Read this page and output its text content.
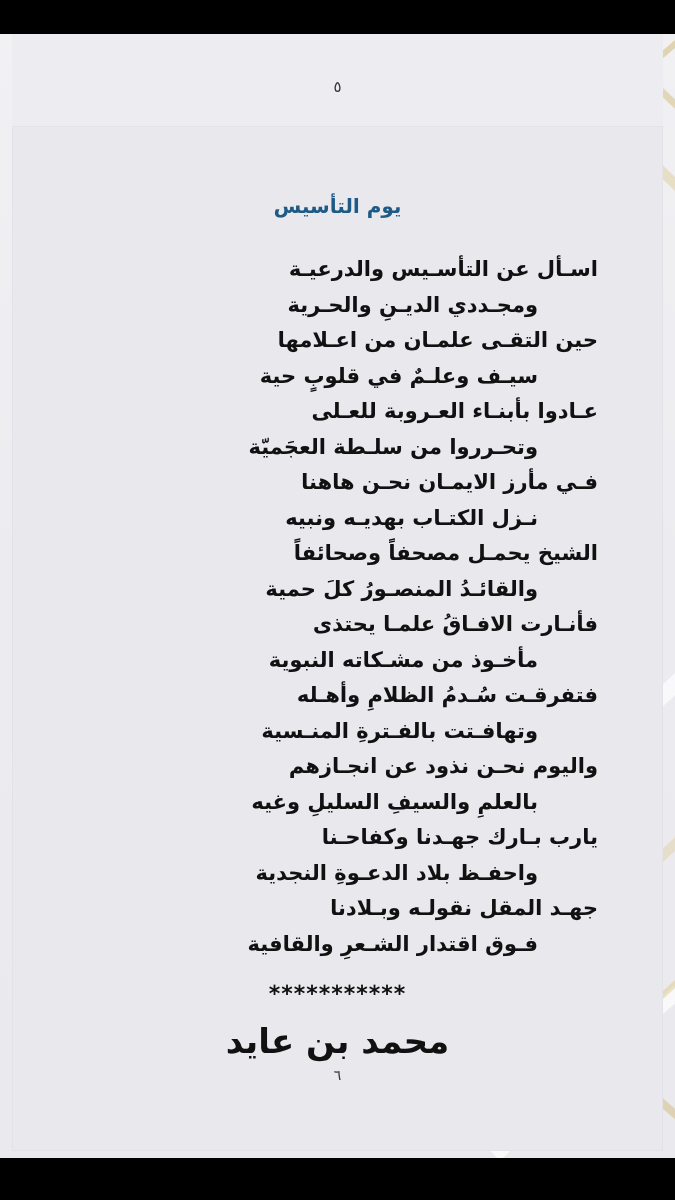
٥
يوم التأسيس
اسـأل عن التأسـيس والدرعيـة
ومجـددي الديـنِ والحـرية
حين التقـى علمـان من اعـلامها
سيـف وعلـمٌ في قلوبٍ حية
عـادوا بأبنـاء العـروبة للعـلى
وتحـرروا من سلـطة العجَميّة
فـي مأرز الايمـان نحـن هاهنا
نـزل الكتـاب بهديـه ونبيه
الشيخ يحمـل مصحفاً وصحائفاً
والقائـدُ المنصـورُ كلَ حمية
فأنـارت الافـاقُ علمـا يحتذى
مأخـوذ من مشـكاته النبوية
فتفرقـت سُـدمُ الظلامِ وأهـله
وتهافـتت بالفـترةِ المنـسية
واليوم نحـن نذود عن انجـازهم
بالعلمِ والسيفِ السليلِ وغيه
يارب بـارك جهـدنا وكفاحـنا
واحفـظ بلاد الدعـوةِ النجدية
جهـد المقل نقولـه وبـلادنا
فـوق اقتدار الشـعرِ والقافية
***********
محمد بن عايد
٦
